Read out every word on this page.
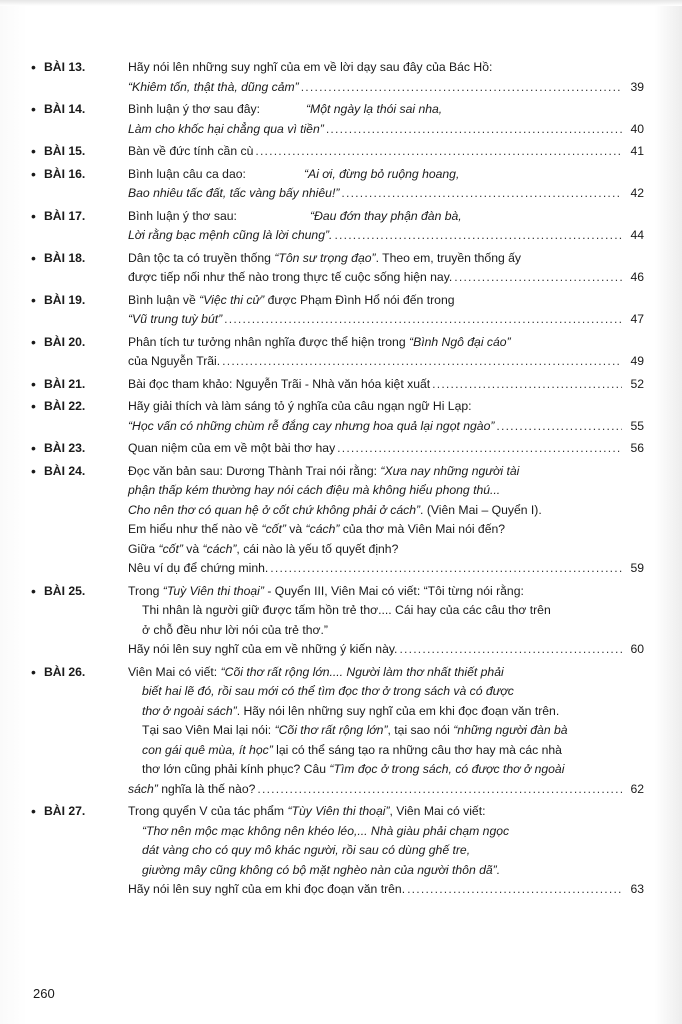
• BÀI 13.	Hãy nói lên những suy nghĩ của em về lời dạy sau đây của Bác Hồ:
“Khiêm tốn, thật thà, dũng cảm” .....	39
• BÀI 14.	Bình luận ý thơ sau đây:	“Một ngày lạ thói sai nha,
Làm cho khốc hại chẳng qua vì tiền” .....	40
• BÀI 15.	Bàn về đức tính cần cù .....	41
• BÀI 16.	Bình luận câu ca dao:	“Ai ơi, đừng bỏ ruộng hoang,
Bao nhiêu tấc đất, tấc vàng bấy nhiêu!” .....	42
• BÀI 17.	Bình luận ý thơ sau:	“Đau đớn thay phận đàn bà,
Lời rằng bạc mệnh cũng là lời chung”. .....	44
• BÀI 18.	Dân tộc ta có truyền thống “Tôn sư trọng đạo”. Theo em, truyền thống ấy
được tiếp nối như thế nào trong thực tế cuộc sống hiện nay. .....	46
• BÀI 19.	Bình luận về “Việc thi cử” được Phạm Đình Hổ nói đến trong
“Vũ trung tuỳ bút” .....	47
• BÀI 20.	Phân tích tư tưởng nhân nghĩa được thể hiện trong “Bình Ngô đại cáo”
của Nguyễn Trãi. .....	49
• BÀI 21.	Bài đọc tham khảo: Nguyễn Trãi - Nhà văn hóa kiệt xuất .....	52
• BÀI 22.	Hãy giải thích và làm sáng tỏ ý nghĩa của câu ngạn ngữ Hi Lạp:
“Học vấn có những chùm rễ đắng cay nhưng hoa quả lại ngọt ngào” .....	55
• BÀI 23.	Quan niệm của em về một bài thơ hay .....	56
• BÀI 24.	Đọc văn bản sau: Dương Thành Trai nói rằng: “Xưa nay những người tài
phận thấp kém thường hay nói cách điệu mà không hiểu phong thú...
Cho nên thơ có quan hệ ở cốt chứ không phải ở cách”. (Viên Mai – Quyển I).
Em hiểu như thế nào về “cốt” và “cách” của thơ mà Viên Mai nói đến?
Giữa “cốt” và “cách”, cái nào là yếu tố quyết định?
Nêu ví dụ để chứng minh. .....	59
• BÀI 25.	Trong “Tuỳ Viên thi thoại” - Quyển III, Viên Mai có viết: “Tôi từng nói rằng:
Thi nhân là người giữ được tấm hồn trẻ thơ.... Cái hay của các câu thơ trên
ở chỗ đều như lời nói của trẻ thơ.”
Hãy nói lên suy nghĩ của em về những ý kiến này. .....	60
• BÀI 26.	Viên Mai có viết: “Cõi thơ rất rộng lớn.... Người làm thơ nhất thiết phải
biết hai lẽ đó, rồi sau mới có thể tìm đọc thơ ở trong sách và có được
thơ ở ngoài sách”. Hãy nói lên những suy nghĩ của em khi đọc đoạn văn trên.
Tại sao Viên Mai lại nói: “Cõi thơ rất rộng lớn”, tại sao nói “những người đàn bà
con gái quê mùa, ít học” lại có thể sáng tạo ra những câu thơ hay mà các nhà
thơ lớn cũng phải kính phục? Câu “Tìm đọc ở trong sách, có được thơ ở ngoài
sách” nghĩa là thế nào? .....	62
• BÀI 27.	Trong quyển V của tác phẩm “Tùy Viên thi thoại”, Viên Mai có viết:
“Thơ nên mộc mạc không nên khéo léo,... Nhà giàu phải chạm ngọc
dát vàng cho có quy mô khác người, rồi sau có dùng ghế tre,
giường mây cũng không có bộ mặt nghèo nàn của người thôn dã”.
Hãy nói lên suy nghĩ của em khi đọc đoạn văn trên. .....	63
260
